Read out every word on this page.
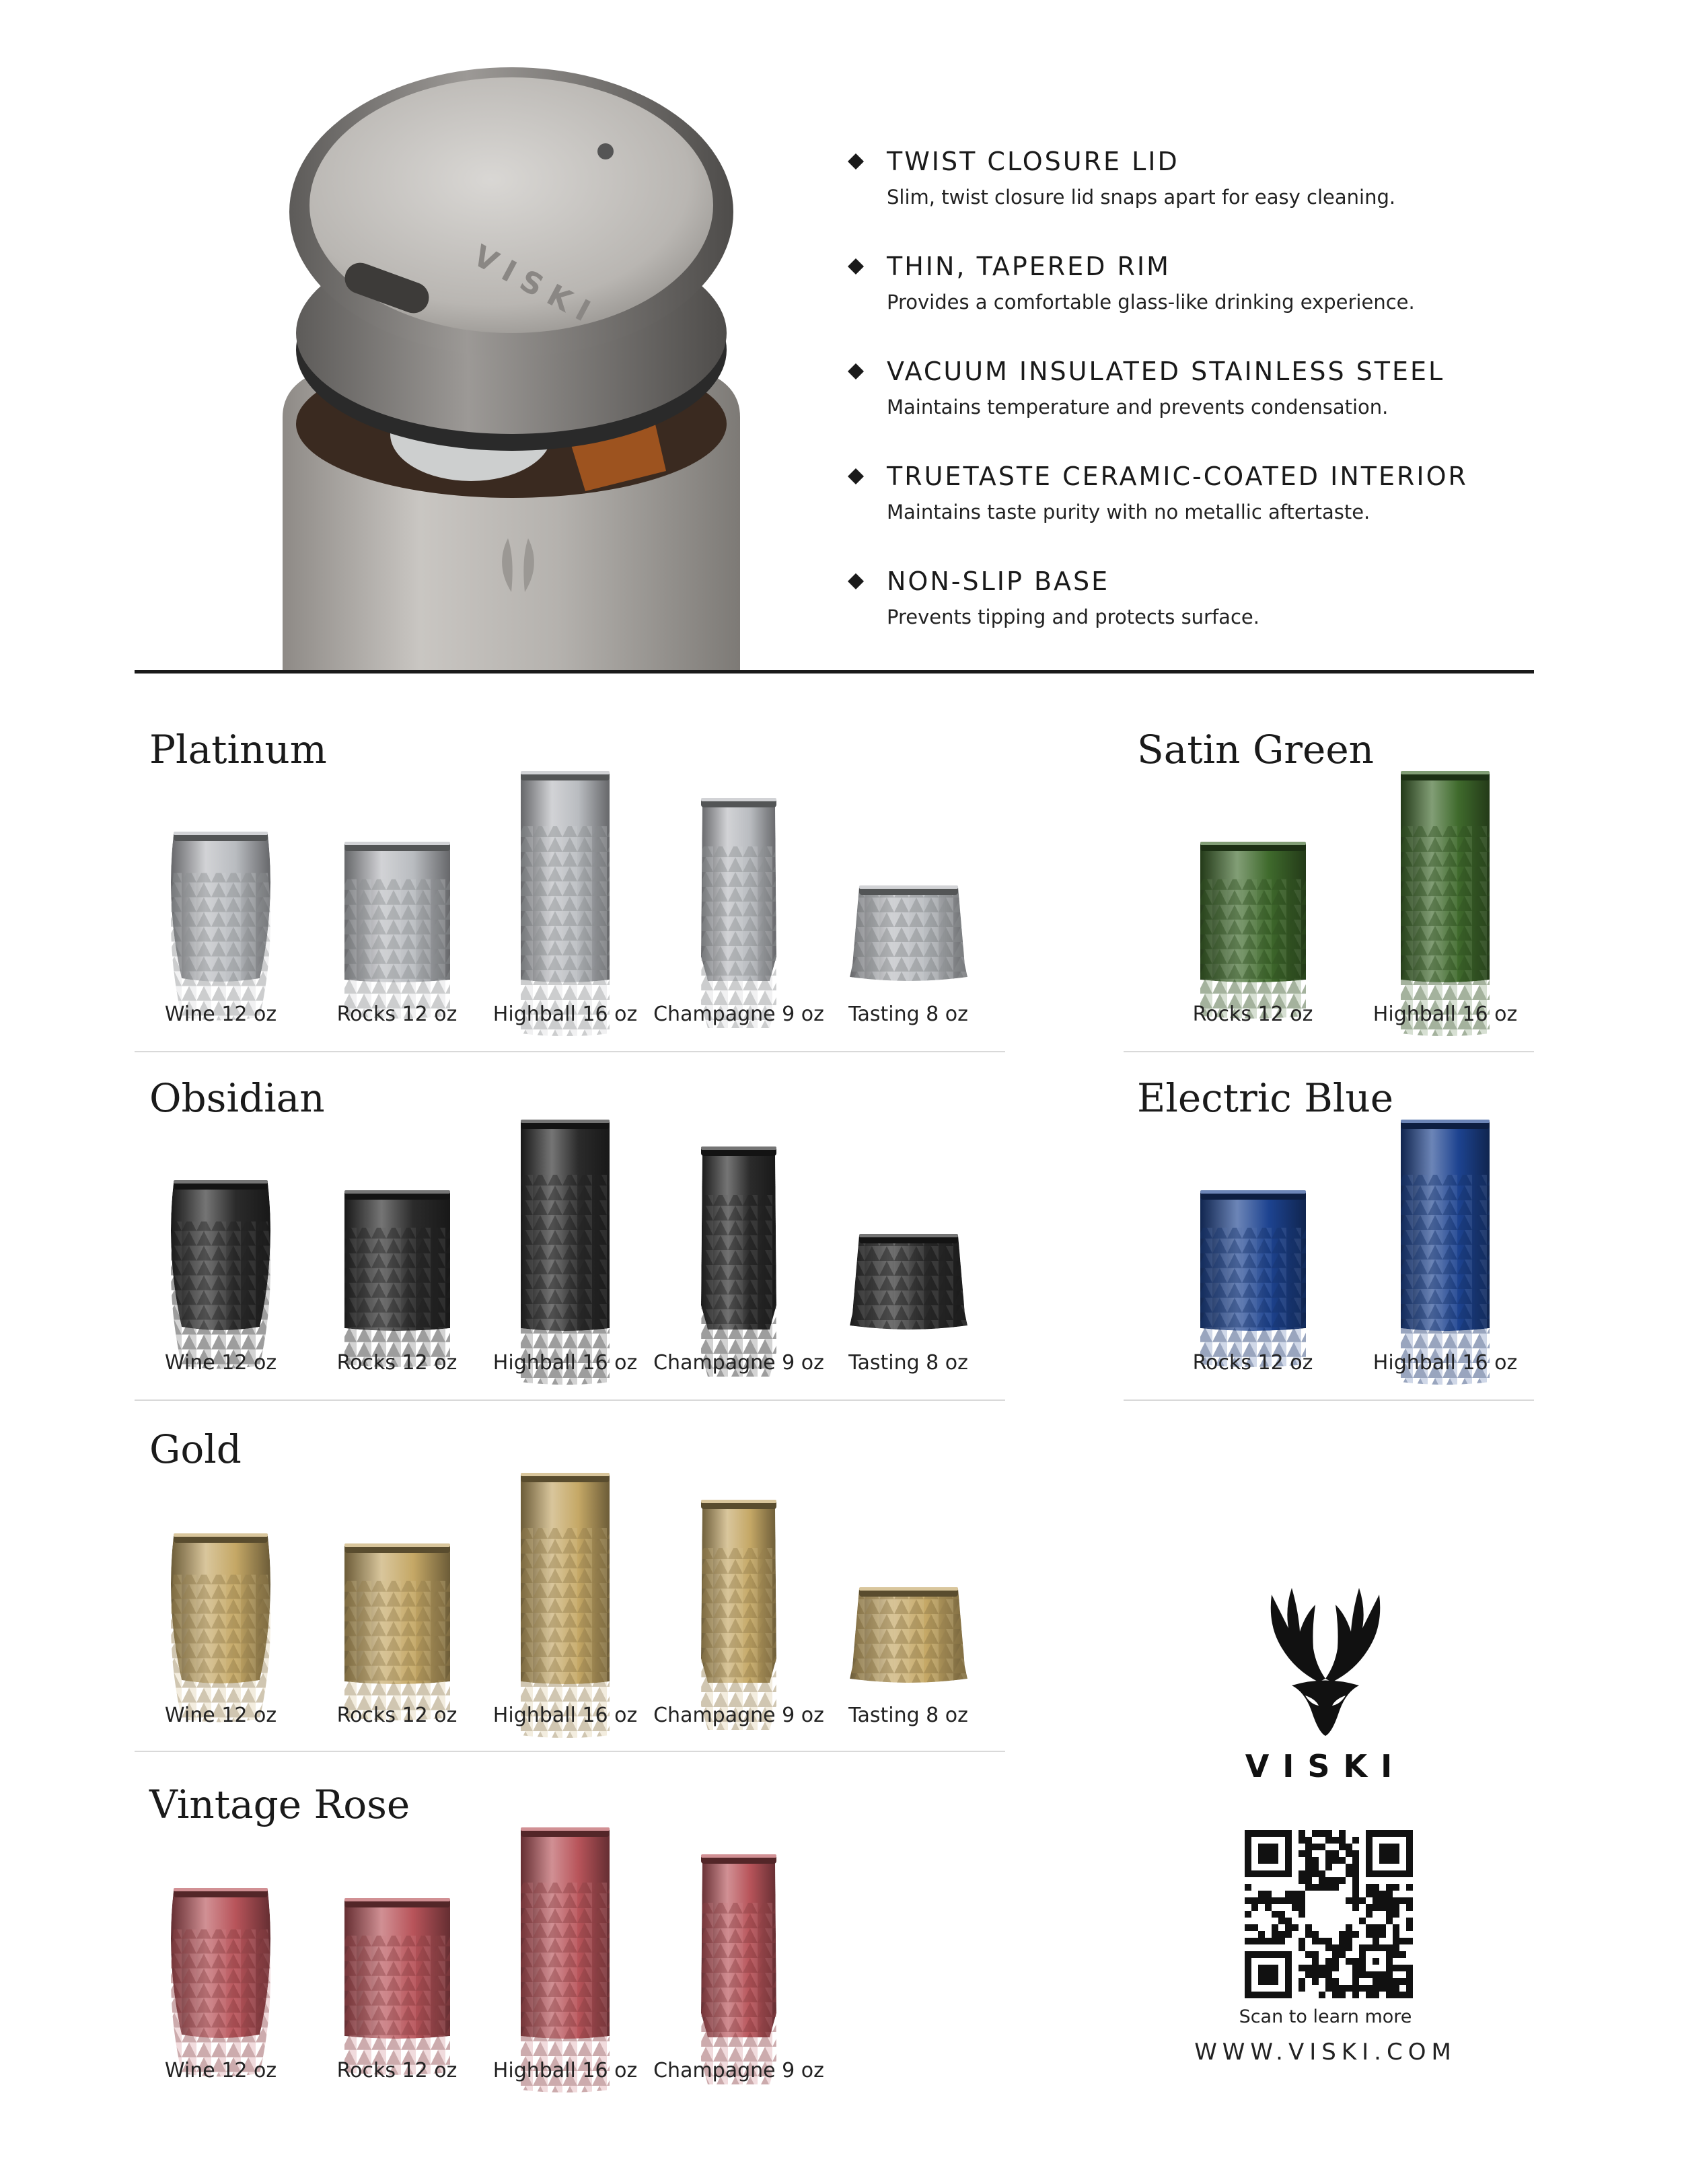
VISKI
TWIST CLOSURE LID
Slim, twist closure lid snaps apart for easy cleaning.
THIN, TAPERED RIM
Provides a comfortable glass-like drinking experience.
VACUUM INSULATED STAINLESS STEEL
Maintains temperature and prevents condensation.
TRUETASTE CERAMIC-COATED INTERIOR
Maintains taste purity with no metallic aftertaste.
NON-SLIP BASE
Prevents tipping and protects surface.
Platinum
Wine 12 oz	Rocks 12 oz	Highball 16 oz Champagne 9 oz	Tasting 8 oz
Satin Green
Rocks 12 oz	Highball 16 oz
Obsidian
Wine 12 oz	Rocks 12 oz	Highball 16 oz Champagne 9 oz	Tasting 8 oz
Electric Blue
Rocks 12 oz	Highball 16 oz
Gold
Wine 12 oz	Rocks 12 oz	Highball 16 oz Champagne 9 oz	Tasting 8 oz
Vintage Rose
Wine 12 oz	Rocks 12 oz	Highball 16 oz Champagne 9 oz
VISKI
Scan to learn more
WWW.VISKI.COM
